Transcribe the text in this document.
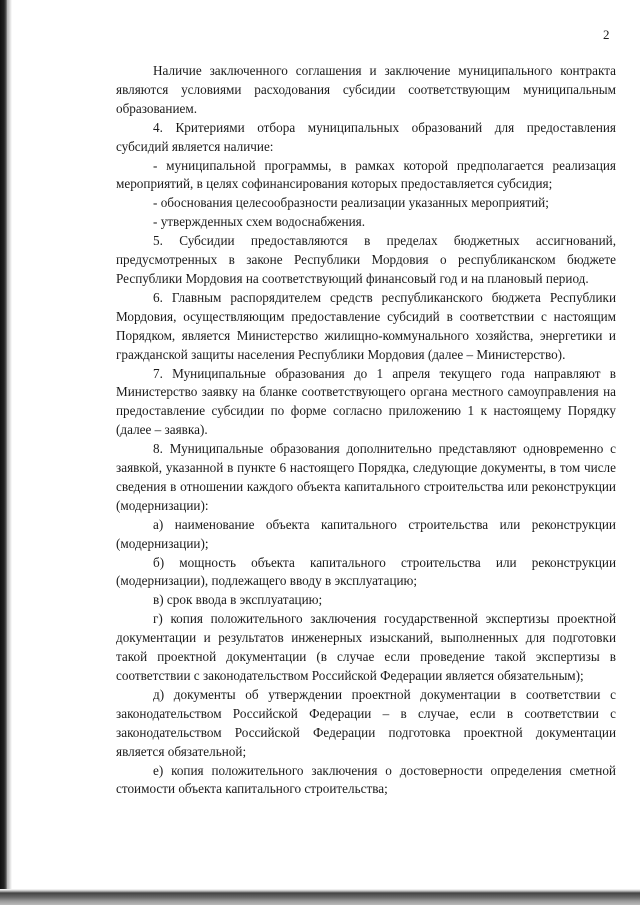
2

Наличие заключенного соглашения и заключение муниципального контракта являются условиями расходования субсидии соответствующим муниципальным образованием.

4. Критериями отбора муниципальных образований для предоставления субсидий является наличие:

- муниципальной программы, в рамках которой предполагается реализация мероприятий, в целях софинансирования которых предоставляется субсидия;

- обоснования целесообразности реализации указанных мероприятий;

- утвержденных схем водоснабжения.

5. Субсидии предоставляются в пределах бюджетных ассигнований, предусмотренных в законе Республики Мордовия о республиканском бюджете Республики Мордовия на соответствующий финансовый год и на плановый период.

6. Главным распорядителем средств республиканского бюджета Республики Мордовия, осуществляющим предоставление субсидий в соответствии с настоящим Порядком, является Министерство жилищно-коммунального хозяйства, энергетики и гражданской защиты населения Республики Мордовия (далее – Министерство).

7. Муниципальные образования до 1 апреля текущего года направляют в Министерство заявку на бланке соответствующего органа местного самоуправления на предоставление субсидии по форме согласно приложению 1 к настоящему Порядку (далее – заявка).

8. Муниципальные образования дополнительно представляют одновременно с заявкой, указанной в пункте 6 настоящего Порядка, следующие документы, в том числе сведения в отношении каждого объекта капитального строительства или реконструкции (модернизации):

а) наименование объекта капитального строительства или реконструкции (модернизации);

б) мощность объекта капитального строительства или реконструкции (модернизации), подлежащего вводу в эксплуатацию;

в) срок ввода в эксплуатацию;

г) копия положительного заключения государственной экспертизы проектной документации и результатов инженерных изысканий, выполненных для подготовки такой проектной документации (в случае если проведение такой экспертизы в соответствии с законодательством Российской Федерации является обязательным);

д) документы об утверждении проектной документации в соответствии с законодательством Российской Федерации – в случае, если в соответствии с законодательством Российской Федерации подготовка проектной документации является обязательной;

е) копия положительного заключения о достоверности определения сметной стоимости объекта капитального строительства;
